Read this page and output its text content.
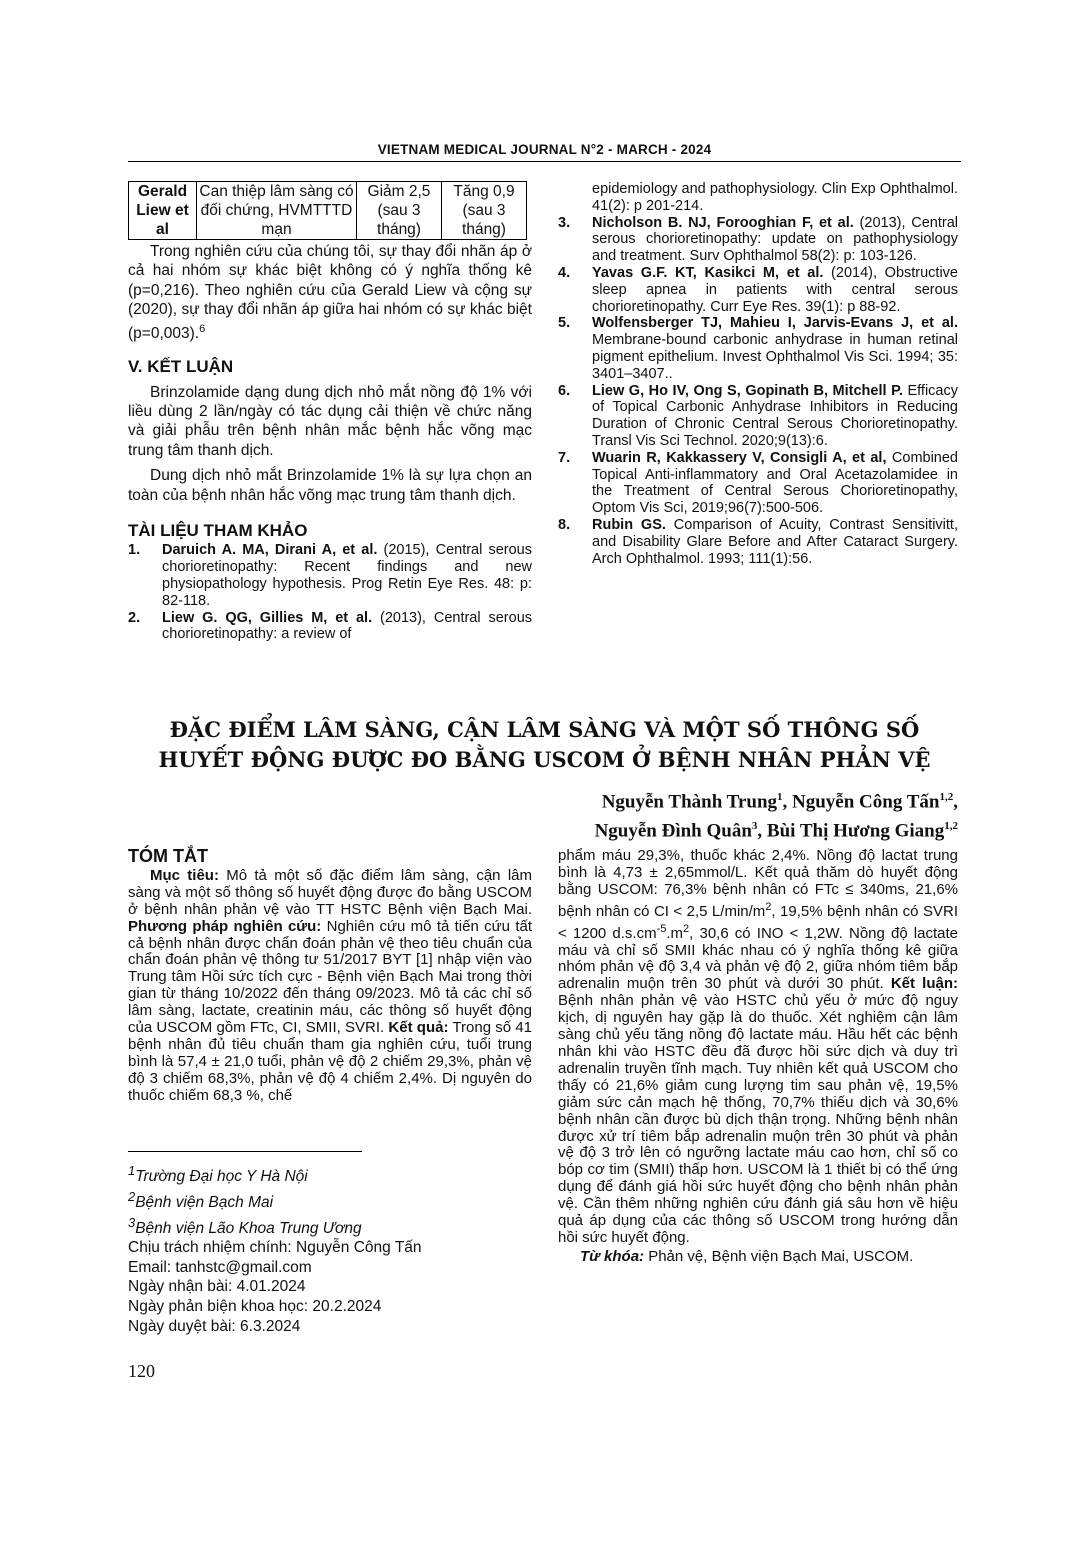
VIETNAM MEDICAL JOURNAL N°2 - MARCH - 2024
Gerald Liew et al	Can thiệp lâm sàng có đối chứng, HVMTTTD mạn	Giảm 2,5 (sau 3 tháng)	Tăng 0,9 (sau 3 tháng)

Trong nghiên cứu của chúng tôi, sự thay đổi nhãn áp ở cả hai nhóm sự khác biệt không có ý nghĩa thống kê (p=0,216). Theo nghiên cứu của Gerald Liew và cộng sự (2020), sự thay đổi nhãn áp giữa hai nhóm có sự khác biệt (p=0,003).$^6$

V. KẾT LUẬN

Brinzolamide dạng dung dịch nhỏ mắt nồng độ 1% với liều dùng 2 lần/ngày có tác dụng cải thiện về chức năng và giải phẫu trên bệnh nhân mắc bệnh hắc võng mạc trung tâm thanh dịch.

Dung dịch nhỏ mắt Brinzolamide 1% là sự lựa chọn an toàn của bệnh nhân hắc võng mạc trung tâm thanh dịch.

TÀI LIỆU THAM KHẢO
1.	Daruich A. MA, Dirani A, et al. (2015), Central serous chorioretinopathy: Recent findings and new physiopathology hypothesis. Prog Retin Eye Res. 48: p: 82-118.
2.	Liew G. QG, Gillies M, et al. (2013), Central serous chorioretinopathy: a review of
epidemiology and pathophysiology. Clin Exp Ophthalmol. 41(2): p 201-214.
3.	Nicholson B. NJ, Forooghian F, et al. (2013), Central serous chorioretinopathy: update on pathophysiology and treatment. Surv Ophthalmol 58(2): p: 103-126.
4.	Yavas G.F. KT, Kasikci M, et al. (2014), Obstructive sleep apnea in patients with central serous chorioretinopathy. Curr Eye Res. 39(1): p 88-92.
5.	Wolfensberger TJ, Mahieu I, Jarvis-Evans J, et al. Membrane-bound carbonic anhydrase in human retinal pigment epithelium. Invest Ophthalmol Vis Sci. 1994; 35: 3401–3407..
6.	Liew G, Ho IV, Ong S, Gopinath B, Mitchell P. Efficacy of Topical Carbonic Anhydrase Inhibitors in Reducing Duration of Chronic Central Serous Chorioretinopathy. Transl Vis Sci Technol. 2020;9(13):6.
7.	Wuarin R, Kakkassery V, Consigli A, et al, Combined Topical Anti-inflammatory and Oral Acetazolamidee in the Treatment of Central Serous Chorioretinopathy, Optom Vis Sci, 2019;96(7):500-506.
8.	Rubin GS. Comparison of Acuity, Contrast Sensitivitt, and Disability Glare Before and After Cataract Surgery. Arch Ophthalmol. 1993; 111(1):56.
ĐẶC ĐIỂM LÂM SÀNG, CẬN LÂM SÀNG VÀ MỘT SỐ THÔNG SỐ
HUYẾT ĐỘNG ĐƯỢC ĐO BẰNG USCOM Ở BỆNH NHÂN PHẢN VỆ
Nguyễn Thành Trung$^1$, Nguyễn Công Tấn$^{1,2}$,
Nguyễn Đình Quân$^3$, Bùi Thị Hương Giang$^{1,2}$
TÓM TẮT

Mục tiêu: Mô tả một số đặc điểm lâm sàng, cận lâm sàng và một số thông số huyết động được đo bằng USCOM ở bệnh nhân phản vệ vào TT HSTC Bệnh viện Bạch Mai. Phương pháp nghiên cứu: Nghiên cứu mô tả tiến cứu tất cả bệnh nhân được chẩn đoán phản vệ theo tiêu chuẩn của chẩn đoán phản vệ thông tư 51/2017 BYT [1] nhập viện vào Trung tâm Hồi sức tích cực - Bệnh viện Bạch Mai trong thời gian từ tháng 10/2022 đến tháng 09/2023. Mô tả các chỉ số lâm sàng, lactate, creatinin máu, các thông số huyết động của USCOM gồm FTc, CI, SMII, SVRI. Kết quả: Trong số 41 bệnh nhân đủ tiêu chuẩn tham gia nghiên cứu, tuổi trung bình là 57,4 ± 21,0 tuổi, phản vệ độ 2 chiếm 29,3%, phản vệ độ 3 chiếm 68,3%, phản vệ độ 4 chiếm 2,4%. Dị nguyên do thuốc chiếm 68,3 %, chế

phẩm máu 29,3%, thuốc khác 2,4%. Nồng độ lactat trung bình là 4,73 ± 2,65mmol/L. Kết quả thăm dò huyết động bằng USCOM: 76,3% bệnh nhân có FTc ≤ 340ms, 21,6% bệnh nhân có CI < 2,5 $L/\min/m^2$, 19,5% bệnh nhân có SVRI < 1200 $d.s.cm^{-5}.m^2$, 30,6 có INO < 1,2W. Nồng độ lactate máu và chỉ số SMII khác nhau có ý nghĩa thống kê giữa nhóm phản vệ độ 3,4 và phản vệ độ 2, giữa nhóm tiêm bắp adrenalin muộn trên 30 phút và dưới 30 phút. Kết luận: Bệnh nhân phản vệ vào HSTC chủ yếu ở mức độ nguy kịch, dị nguyên hay gặp là do thuốc. Xét nghiệm cận lâm sàng chủ yếu tăng nồng độ lactate máu. Hầu hết các bệnh nhân khi vào HSTC đều đã được hồi sức dịch và duy trì adrenalin truyền tĩnh mạch. Tuy nhiên kết quả USCOM cho thấy có 21,6% giảm cung lượng tim sau phản vệ, 19,5% giảm sức cản mạch hệ thống, 70,7% thiếu dịch và 30,6% bệnh nhân cần được bù dịch thận trọng. Những bệnh nhân được xử trí tiêm bắp adrenalin muộn trên 30 phút và phản vệ độ 3 trở lên có ngưỡng lactate máu cao hơn, chỉ số co bóp cơ tim (SMII) thấp hơn. USCOM là 1 thiết bị có thể ứng dụng để đánh giá hồi sức huyết động cho bệnh nhân phản vệ. Cần thêm những nghiên cứu đánh giá sâu hơn về hiệu quả áp dụng của các thông số USCOM trong hướng dẫn hồi sức huyết động.

Từ khóa: Phản vệ, Bệnh viện Bạch Mai, USCOM.

$^1$Trường Đại học Y Hà Nội
$^2$Bệnh viện Bạch Mai
$^3$Bệnh viện Lão Khoa Trung Ương
Chịu trách nhiệm chính: Nguyễn Công Tấn
Email: tanhstc@gmail.com
Ngày nhận bài: 4.01.2024
Ngày phản biện khoa học: 20.2.2024
Ngày duyệt bài: 6.3.2024
120
